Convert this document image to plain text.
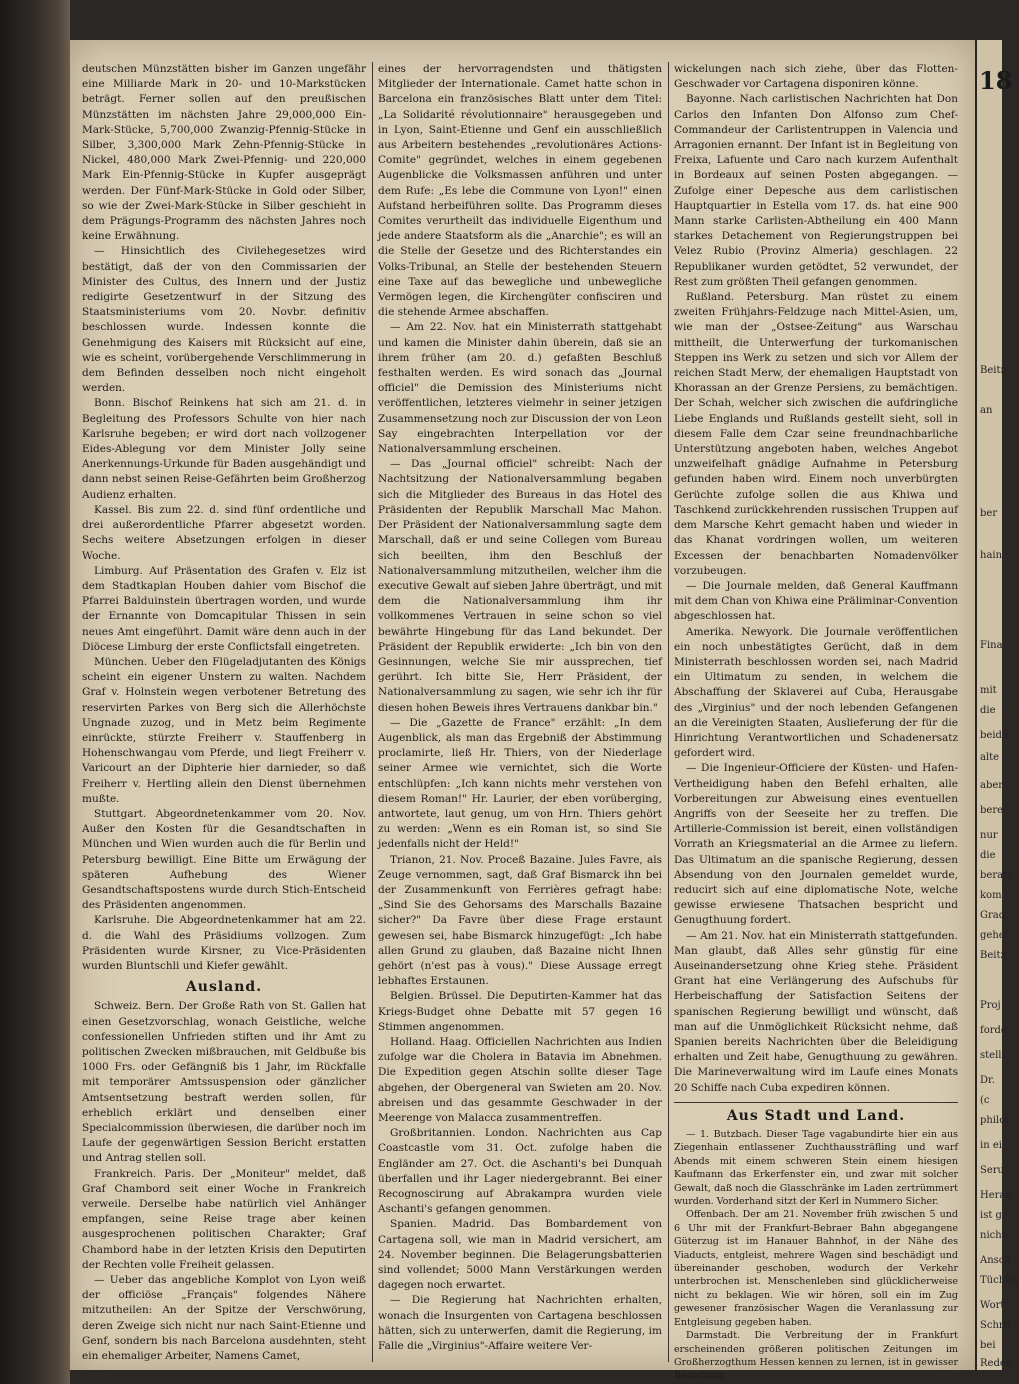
deutschen Münzstätten bisher im Ganzen ungefähr eine Milliarde Mark in 20- und 10-Markstücken beträgt. Ferner sollen auf den preußischen Münzstätten im nächsten Jahre 29,000,000 Ein-Mark-Stücke, 5,700,000 Zwanzig-Pfennig-Stücke in Silber, 3,300,000 Mark Zehn-Pfennig-Stücke in Nickel, 480,000 Mark Zwei-Pfennig- und 220,000 Mark Ein-Pfennig-Stücke in Kupfer ausgeprägt werden. Der Fünf-Mark-Stücke in Gold oder Silber, so wie der Zwei-Mark-Stücke in Silber geschieht in dem Prägungs-Programm des nächsten Jahres noch keine Erwähnung.

— Hinsichtlich des Civilehegesetzes wird bestätigt, daß der von den Commissarien der Minister des Cultus, des Innern und der Justiz redigirte Gesetzentwurf in der Sitzung des Staatsministeriums vom 20. Novbr. definitiv beschlossen wurde. Indessen konnte die Genehmigung des Kaisers mit Rücksicht auf eine, wie es scheint, vorübergehende Verschlimmerung in dem Befinden desselben noch nicht eingeholt werden.

Bonn. Bischof Reinkens hat sich am 21. d. in Begleitung des Professors Schulte von hier nach Karlsruhe begeben; er wird dort nach vollzogener Eides-Ablegung vor dem Minister Jolly seine Anerkennungs-Urkunde für Baden ausgehändigt und dann nebst seinen Reise-Gefährten beim Großherzog Audienz erhalten.

Kassel. Bis zum 22. d. sind fünf ordentliche und drei außerordentliche Pfarrer abgesetzt worden. Sechs weitere Absetzungen erfolgen in dieser Woche.

Limburg. Auf Präsentation des Grafen v. Elz ist dem Stadtkaplan Houben dahier vom Bischof die Pfarrei Balduinstein übertragen worden, und wurde der Ernannte von Domcapitular Thissen in sein neues Amt eingeführt. Damit wäre denn auch in der Diöcese Limburg der erste Conflictsfall eingetreten.

München. Ueber den Flügeladjutanten des Königs scheint ein eigener Unstern zu walten. Nachdem Graf v. Holnstein wegen verbotener Betretung des reservirten Parkes von Berg sich die Allerhöchste Ungnade zuzog, und in Metz beim Regimente einrückte, stürzte Freiherr v. Stauffenberg in Hohenschwangau vom Pferde, und liegt Freiherr v. Varicourt an der Diphterie hier darnieder, so daß Freiherr v. Hertling allein den Dienst übernehmen mußte.

Stuttgart. Abgeordnetenkammer vom 20. Nov. Außer den Kosten für die Gesandtschaften in München und Wien wurden auch die für Berlin und Petersburg bewilligt. Eine Bitte um Erwägung der späteren Aufhebung des Wiener Gesandtschaftspostens wurde durch Stich-Entscheid des Präsidenten angenommen.

Karlsruhe. Die Abgeordnetenkammer hat am 22. d. die Wahl des Präsidiums vollzogen. Zum Präsidenten wurde Kirsner, zu Vice-Präsidenten wurden Bluntschli und Kiefer gewählt.

Ausland.

Schweiz. Bern. Der Große Rath von St. Gallen hat einen Gesetzvorschlag, wonach Geistliche, welche confessionellen Unfrieden stiften und ihr Amt zu politischen Zwecken mißbrauchen, mit Geldbuße bis 1000 Frs. oder Gefängniß bis 1 Jahr, im Rückfalle mit temporärer Amtssuspension oder gänzlicher Amtsentsetzung bestraft werden sollen, für erheblich erklärt und denselben einer Specialcommission überwiesen, die darüber noch im Laufe der gegenwärtigen Session Bericht erstatten und Antrag stellen soll.

Frankreich. Paris. Der „Moniteur" meldet, daß Graf Chambord seit einer Woche in Frankreich verweile. Derselbe habe natürlich viel Anhänger empfangen, seine Reise trage aber keinen ausgesprochenen politischen Charakter; Graf Chambord habe in der letzten Krisis den Deputirten der Rechten volle Freiheit gelassen.

— Ueber das angebliche Komplot von Lyon weiß der officiöse „Français" folgendes Nähere mitzutheilen: An der Spitze der Verschwörung, deren Zweige sich nicht nur nach Saint-Etienne und Genf, sondern bis nach Barcelona ausdehnten, steht ein ehemaliger Arbeiter, Namens Camet,

eines der hervorragendsten und thätigsten Mitglieder der Internationale. Camet hatte schon in Barcelona ein französisches Blatt unter dem Titel: „La Solidarité révolutionnaire" herausgegeben und in Lyon, Saint-Etienne und Genf ein ausschließlich aus Arbeitern bestehendes „revolutionäres Actions-Comite" gegründet, welches in einem gegebenen Augenblicke die Volksmassen anführen und unter dem Rufe: „Es lebe die Commune von Lyon!" einen Aufstand herbeiführen sollte. Das Programm dieses Comites verurtheilt das individuelle Eigenthum und jede andere Staatsform als die „Anarchie"; es will an die Stelle der Gesetze und des Richterstandes ein Volks-Tribunal, an Stelle der bestehenden Steuern eine Taxe auf das bewegliche und unbewegliche Vermögen legen, die Kirchengüter confisciren und die stehende Armee abschaffen.

— Am 22. Nov. hat ein Ministerrath stattgehabt und kamen die Minister dahin überein, daß sie an ihrem früher (am 20. d.) gefaßten Beschluß festhalten werden. Es wird sonach das „Journal officiel" die Demission des Ministeriums nicht veröffentlichen, letzteres vielmehr in seiner jetzigen Zusammensetzung noch zur Discussion der von Leon Say eingebrachten Interpellation vor der Nationalversammlung erscheinen.

— Das „Journal officiel" schreibt: Nach der Nachtsitzung der Nationalversammlung begaben sich die Mitglieder des Bureaus in das Hotel des Präsidenten der Republik Marschall Mac Mahon. Der Präsident der Nationalversammlung sagte dem Marschall, daß er und seine Collegen vom Bureau sich beeilten, ihm den Beschluß der Nationalversammlung mitzutheilen, welcher ihm die executive Gewalt auf sieben Jahre überträgt, und mit dem die Nationalversammlung ihm ihr vollkommenes Vertrauen in seine schon so viel bewährte Hingebung für das Land bekundet. Der Präsident der Republik erwiderte: „Ich bin von den Gesinnungen, welche Sie mir aussprechen, tief gerührt. Ich bitte Sie, Herr Präsident, der Nationalversammlung zu sagen, wie sehr ich ihr für diesen hohen Beweis ihres Vertrauens dankbar bin."

— Die „Gazette de France" erzählt: „In dem Augenblick, als man das Ergebniß der Abstimmung proclamirte, ließ Hr. Thiers, von der Niederlage seiner Armee wie vernichtet, sich die Worte entschlüpfen: „Ich kann nichts mehr verstehen von diesem Roman!" Hr. Laurier, der eben vorüberging, antwortete, laut genug, um von Hrn. Thiers gehört zu werden: „Wenn es ein Roman ist, so sind Sie jedenfalls nicht der Held!"

Trianon, 21. Nov. Proceß Bazaine. Jules Favre, als Zeuge vernommen, sagt, daß Graf Bismarck ihn bei der Zusammenkunft von Ferrières gefragt habe: „Sind Sie des Gehorsams des Marschalls Bazaine sicher?" Da Favre über diese Frage erstaunt gewesen sei, habe Bismarck hinzugefügt: „Ich habe allen Grund zu glauben, daß Bazaine nicht Ihnen gehört (n'est pas à vous)." Diese Aussage erregt lebhaftes Erstaunen.

Belgien. Brüssel. Die Deputirten-Kammer hat das Kriegs-Budget ohne Debatte mit 57 gegen 16 Stimmen angenommen.

Holland. Haag. Officiellen Nachrichten aus Indien zufolge war die Cholera in Batavia im Abnehmen. Die Expedition gegen Atschin sollte dieser Tage abgehen, der Obergeneral van Swieten am 20. Nov. abreisen und das gesammte Geschwader in der Meerenge von Malacca zusammentreffen.

Großbritannien. London. Nachrichten aus Cap Coastcastle vom 31. Oct. zufolge haben die Engländer am 27. Oct. die Aschanti's bei Dunquah überfallen und ihr Lager niedergebrannt. Bei einer Recognoscirung auf Abrakampra wurden viele Aschanti's gefangen genommen.

Spanien. Madrid. Das Bombardement von Cartagena soll, wie man in Madrid versichert, am 24. November beginnen. Die Belagerungsbatterien sind vollendet; 5000 Mann Verstärkungen werden dagegen noch erwartet.

— Die Regierung hat Nachrichten erhalten, wonach die Insurgenten von Cartagena beschlossen hätten, sich zu unterwerfen, damit die Regierung, im Falle die „Virginius"-Affaire weitere Ver-

wickelungen nach sich ziehe, über das Flotten-Geschwader vor Cartagena disponiren könne.

Bayonne. Nach carlistischen Nachrichten hat Don Carlos den Infanten Don Alfonso zum Chef-Commandeur der Carlistentruppen in Valencia und Arragonien ernannt. Der Infant ist in Begleitung von Freixa, Lafuente und Caro nach kurzem Aufenthalt in Bordeaux auf seinen Posten abgegangen. — Zufolge einer Depesche aus dem carlistischen Hauptquartier in Estella vom 17. ds. hat eine 900 Mann starke Carlisten-Abtheilung ein 400 Mann starkes Detachement von Regierungstruppen bei Velez Rubio (Provinz Almeria) geschlagen. 22 Republikaner wurden getödtet, 52 verwundet, der Rest zum größten Theil gefangen genommen.

Rußland. Petersburg. Man rüstet zu einem zweiten Frühjahrs-Feldzuge nach Mittel-Asien, um, wie man der „Ostsee-Zeitung" aus Warschau mittheilt, die Unterwerfung der turkomanischen Steppen ins Werk zu setzen und sich vor Allem der reichen Stadt Merw, der ehemaligen Hauptstadt von Khorassan an der Grenze Persiens, zu bemächtigen. Der Schah, welcher sich zwischen die aufdringliche Liebe Englands und Rußlands gestellt sieht, soll in diesem Falle dem Czar seine freundnachbarliche Unterstützung angeboten haben, welches Angebot unzweifelhaft gnädige Aufnahme in Petersburg gefunden haben wird. Einem noch unverbürgten Gerüchte zufolge sollen die aus Khiwa und Taschkend zurückkehrenden russischen Truppen auf dem Marsche Kehrt gemacht haben und wieder in das Khanat vordringen wollen, um weiteren Excessen der benachbarten Nomadenvölker vorzubeugen.

— Die Journale melden, daß General Kauffmann mit dem Chan von Khiwa eine Präliminar-Convention abgeschlossen hat.

Amerika. Newyork. Die Journale veröffentlichen ein noch unbestätigtes Gerücht, daß in dem Ministerrath beschlossen worden sei, nach Madrid ein Ultimatum zu senden, in welchem die Abschaffung der Sklaverei auf Cuba, Herausgabe des „Virginius" und der noch lebenden Gefangenen an die Vereinigten Staaten, Auslieferung der für die Hinrichtung Verantwortlichen und Schadenersatz gefordert wird.

— Die Ingenieur-Officiere der Küsten- und Hafen-Vertheidigung haben den Befehl erhalten, alle Vorbereitungen zur Abweisung eines eventuellen Angriffs von der Seeseite her zu treffen. Die Artillerie-Commission ist bereit, einen vollständigen Vorrath an Kriegsmaterial an die Armee zu liefern. Das Ultimatum an die spanische Regierung, dessen Absendung von den Journalen gemeldet wurde, reducirt sich auf eine diplomatische Note, welche gewisse erwiesene Thatsachen bespricht und Genugthuung fordert.

— Am 21. Nov. hat ein Ministerrath stattgefunden. Man glaubt, daß Alles sehr günstig für eine Auseinandersetzung ohne Krieg stehe. Präsident Grant hat eine Verlängerung des Aufschubs für Herbeischaffung der Satisfaction Seitens der spanischen Regierung bewilligt und wünscht, daß man auf die Unmöglichkeit Rücksicht nehme, daß Spanien bereits Nachrichten über die Beleidigung erhalten und Zeit habe, Genugthuung zu gewähren. Die Marineverwaltung wird im Laufe eines Monats 20 Schiffe nach Cuba expediren können.

Aus Stadt und Land.

— 1. Butzbach. Dieser Tage vagabundirte hier ein aus Ziegenhain entlassener Zuchthaussträfling und warf Abends mit einem schweren Stein einem hiesigen Kaufmann das Erkerfenster ein, und zwar mit solcher Gewalt, daß noch die Glasschränke im Laden zertrümmert wurden. Vorderhand sitzt der Kerl in Nummero Sicher.

Offenbach. Der am 21. November früh zwischen 5 und 6 Uhr mit der Frankfurt-Bebraer Bahn abgegangene Güterzug ist im Hanauer Bahnhof, in der Nähe des Viaducts, entgleist, mehrere Wagen sind beschädigt und übereinander geschoben, wodurch der Verkehr unterbrochen ist. Menschenleben sind glücklicherweise nicht zu beklagen. Wie wir hören, soll ein im Zug gewesener französischer Wagen die Veranlassung zur Entgleisung gegeben haben.

Darmstadt. Die Verbreitung der in Frankfurt erscheinenden größeren politischen Zeitungen im Großherzogthum Hessen kennen zu lernen, ist in gewisser Beziehung

18
Beitr
an
ber
hain
Fina
mit
die
beide
alte
aber
bere
nur
die
berath
kom
Grad
gehen
Beitz
Proj
forde
stellt
Dr.
(c
philos
in ei
Seru
Herau
ist g
nicht
Ansch
Tüchtig
Wort
Schrif
bei
Reden
